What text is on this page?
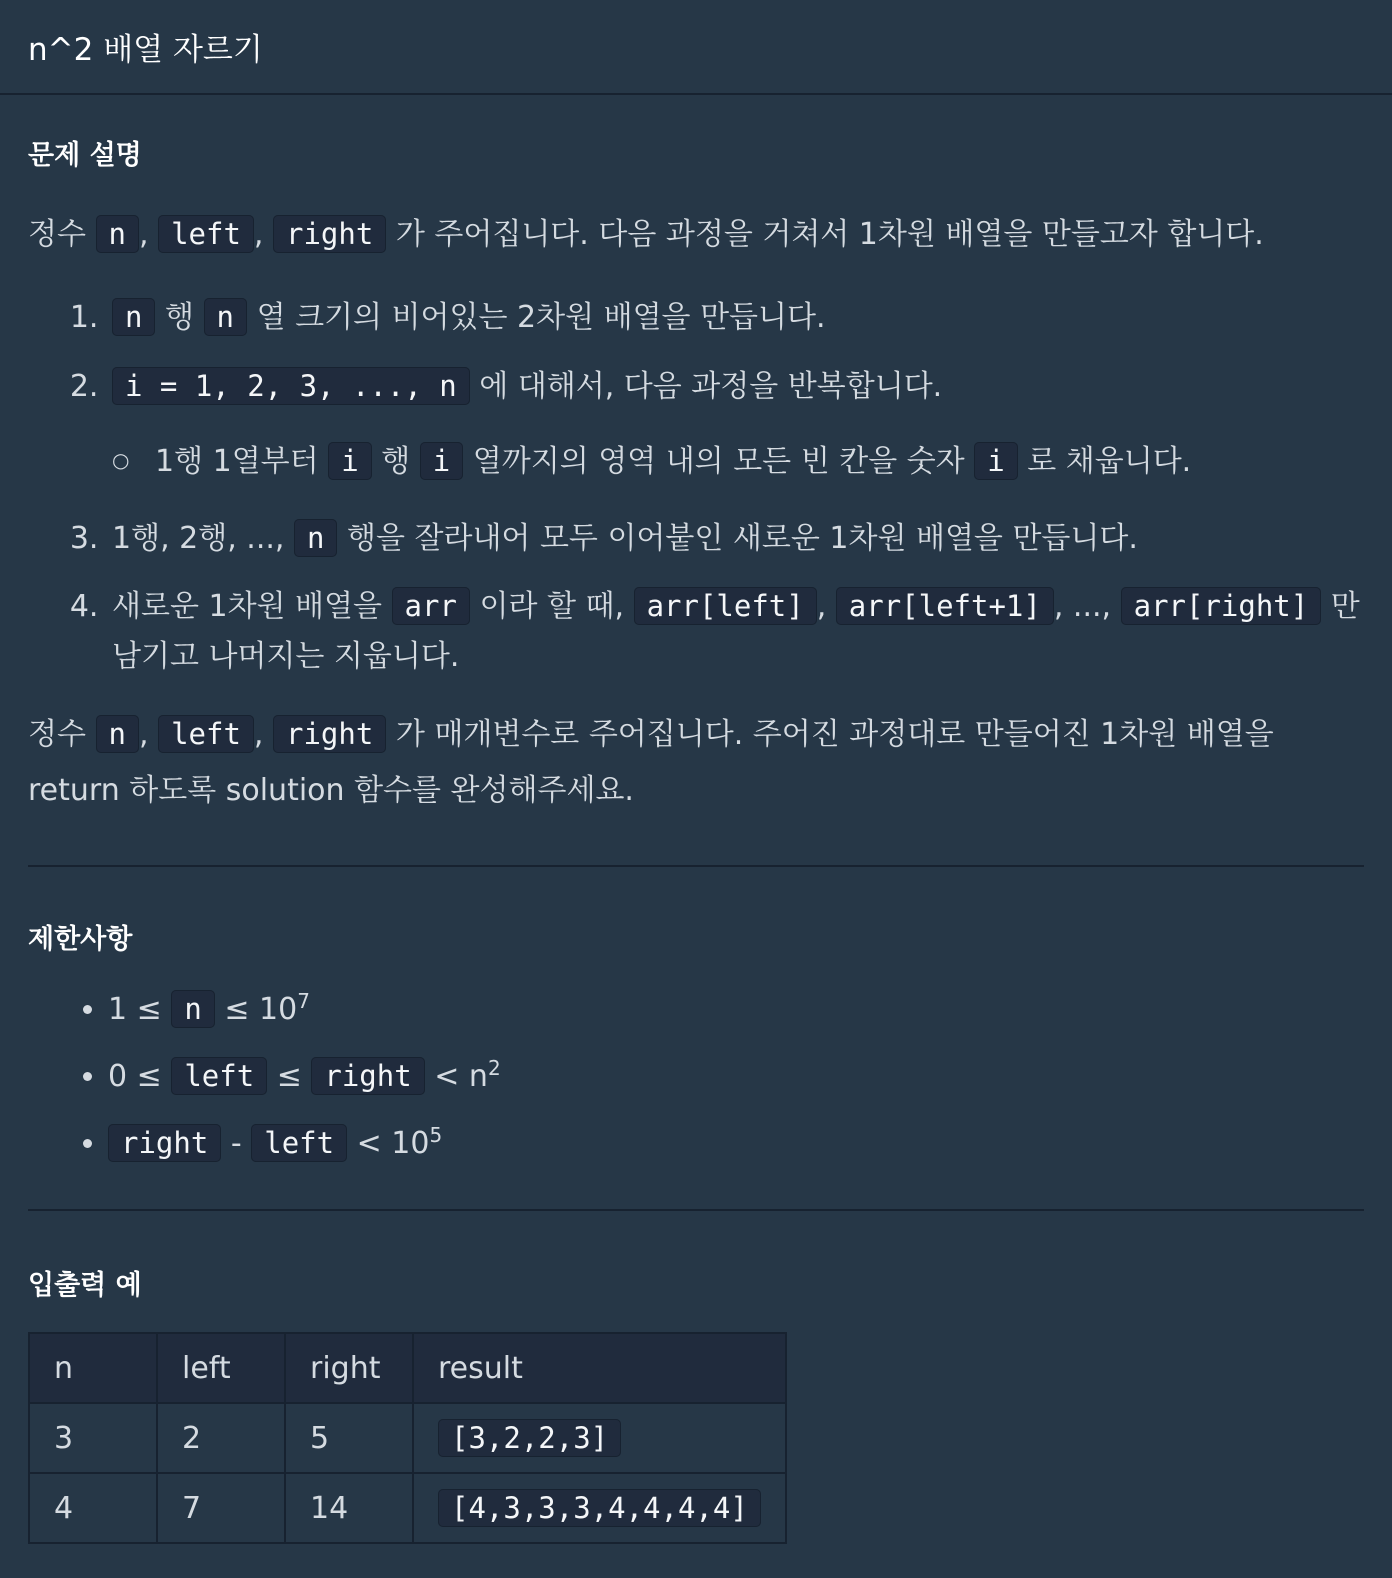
n^2 배열 자르기
문제 설명

정수 n , left , right 가 주어집니다. 다음 과정을 거쳐서 1차원 배열을 만들고자 합니다.

1. n 행 n 열 크기의 비어있는 2차원 배열을 만듭니다.
2. i = 1, 2, 3, ..., n 에 대해서, 다음 과정을 반복합니다.
○ 1행 1열부터 i 행 i 열까지의 영역 내의 모든 빈 칸을 숫자 i 로 채웁니다.
3. 1행, 2행, ..., n 행을 잘라내어 모두 이어붙인 새로운 1차원 배열을 만듭니다.
4. 새로운 1차원 배열을 arr 이라 할 때, arr[left] , arr[left+1] , ..., arr[right] 만 남기고 나머지는 지웁니다.

정수 n , left , right 가 매개변수로 주어집니다. 주어진 과정대로 만들어진 1차원 배열을 return 하도록 solution 함수를 완성해주세요.

제한사항
• $1 \le n \le 10^7$
• 0 ≤ left ≤ right < $n^2$
• right - left < $10^5$
입출력 예
n	left	right	result
3	2	5	[3,2,2,3]
4	7	14	[4,3,3,3,4,4,4,4]
